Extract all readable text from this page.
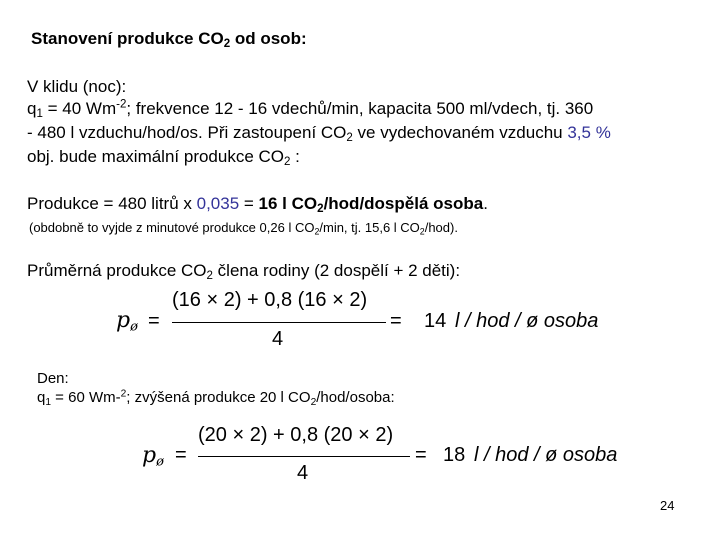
Stanovení produkce $CO_2$ od osob:
V klidu (noc):
$q_1 = 40$ $Wm^{-2}$; frekvence 12 - 16 vdechů/min, kapacita 500 ml/vdech, tj. 360
- 480 l vzduchu/hod/os. Při zastoupení $CO_2$ ve vydechovaném vzduchu 3,5 %
obj. bude maximální produkce $CO_2$ :
Produkce = 480 litrů x 0,035 = 16 l $CO_2/hod$/dospělá osoba.
(obdobně to vyjde z minutové produkce 0,26 l $CO_2/\min$, tj. 15,6 l $CO_2/hod$).
Průměrná produkce $CO_2$ člena rodiny (2 dospělí + 2 děti):
$p_ø$ =
(16 × 2) + 0,8 (16 × 2)
4
= 14 l / hod / ø osoba
Den:
$q_1 = 60$ Wm-$^2$; zvýšená produkce 20 l $CO_2/hod$/osoba:
$p_ø$ =
(20 × 2) + 0,8 (20 × 2)
4
= 18 l / hod / ø osoba
24
